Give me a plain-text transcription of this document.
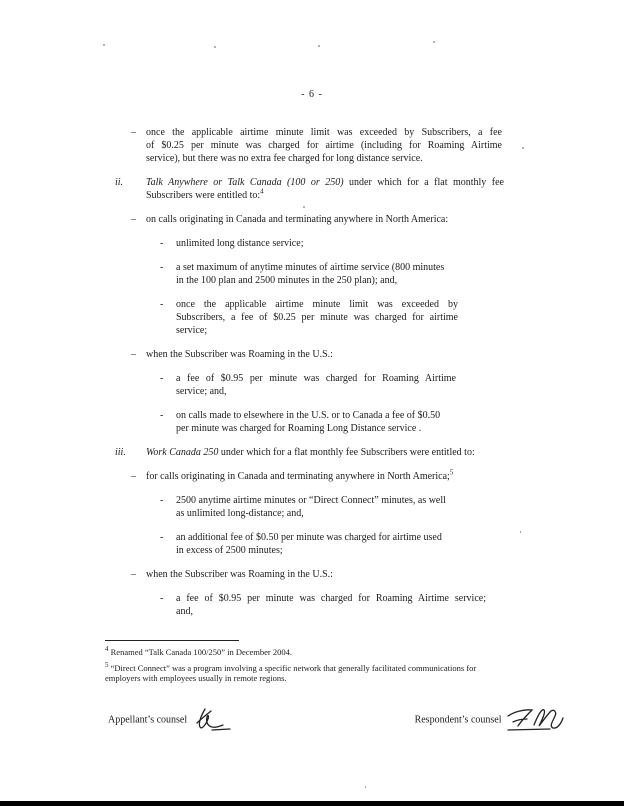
- 6 -
– once the applicable airtime minute limit was exceeded by Subscribers, a fee
of $0.25 per minute was charged for airtime (including for Roaming Airtime
service), but there was no extra fee charged for long distance service.
ii. Talk Anywhere or Talk Canada (100 or 250) under which for a flat monthly fee
Subscribers were entitled to:$^4$
– on calls originating in Canada and terminating anywhere in North America:
- unlimited long distance service;
- a set maximum of anytime minutes of airtime service (800 minutes
in the 100 plan and 2500 minutes in the 250 plan); and,
- once the applicable airtime minute limit was exceeded by
Subscribers, a fee of $0.25 per minute was charged for airtime
service;
– when the Subscriber was Roaming in the U.S.:
- a fee of $0.95 per minute was charged for Roaming Airtime
service; and,
- on calls made to elsewhere in the U.S. or to Canada a fee of $0.50
per minute was charged for Roaming Long Distance service .
iii. Work Canada 250 under which for a flat monthly fee Subscribers were entitled to:
– for calls originating in Canada and terminating anywhere in North America;$^5$
- 2500 anytime airtime minutes or “Direct Connect” minutes, as well
as unlimited long-distance; and,
- an additional fee of $0.50 per minute was charged for airtime used
in excess of 2500 minutes;
– when the Subscriber was Roaming in the U.S.:
- a fee of $0.95 per minute was charged for Roaming Airtime service;
and,
$^4$ Renamed “Talk Canada 100/250” in December 2004.
$^5$ “Direct Connect” was a program involving a specific network that generally facilitated communications for
employers with employees usually in remote regions.
Appellant’s counsel	Respondent’s counsel
